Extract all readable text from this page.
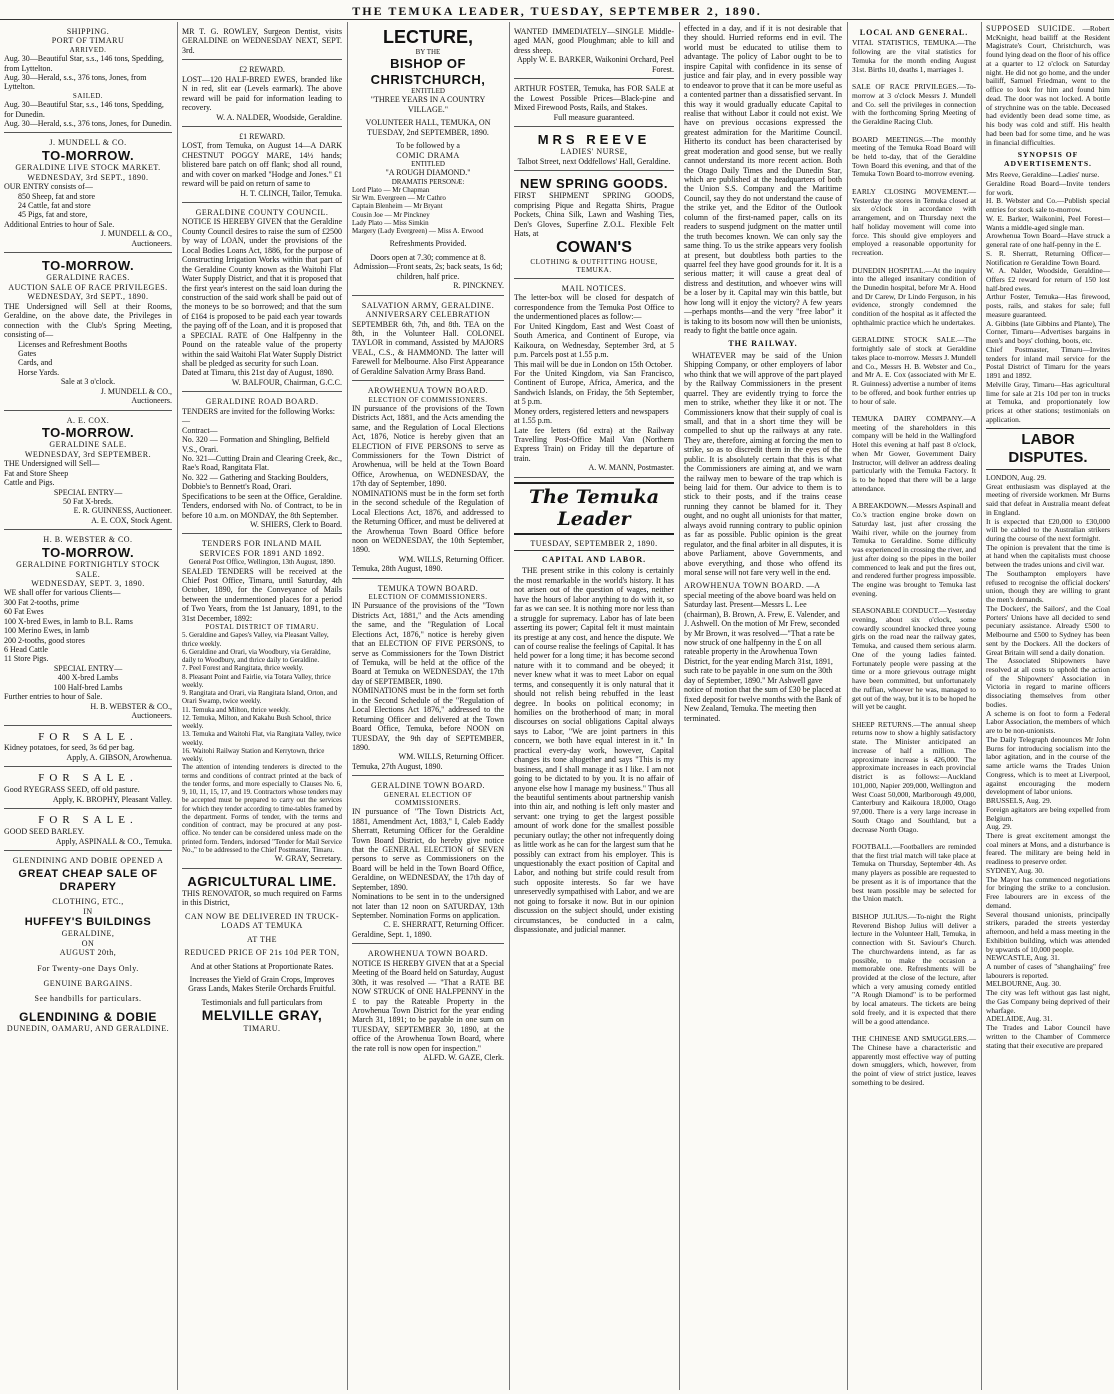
THE TEMUKA LEADER, TUESDAY, SEPTEMBER 2, 1890.
SHIPPING.
PORT OF TIMARU
ARRIVED.
Aug. 30—Beautiful Star, s.s., 146 tons, Spedding, from Lyttelton.
Aug. 30—Herald, s.s., 376 tons, Jones, from Lyttelton.
SAILED.
Aug. 30—Beautiful Star, s.s., 146 tons, Spedding, for Dunedin.
Aug. 30—Herald, s.s., 376 tons, Jones, for Dunedin.
J. MUNDELL & CO.
TO-MORROW.
GERALDINE LIVE STOCK MARKET.
WEDNESDAY, 3rd SEPT., 1890.
OUR ENTRY consists of—
850 Sheep, fat and store
24 Cattle, fat and store
45 Pigs, fat and store,
Additional Entries to hour of Sale.
J. MUNDELL & CO.,
Auctioneers.
TO-MORROW.
GERALDINE RACES.
AUCTION SALE OF RACE PRIVILEGES.
WEDNESDAY, 3rd SEPT., 1890.
THE Undersigned will Sell at their Rooms, Geraldine, on the above date, the Privileges in connection with the Club's Spring Meeting, consisting of—
Licenses and Refreshment Booths
Gates
Cards, and
Horse Yards.
Sale at 3 o'clock.
J. MUNDELL & CO.,
Auctioneers.
A. E. COX.
TO-MORROW.
GERALDINE SALE.
WEDNESDAY, 3rd SEPTEMBER.
THE Undersigned will Sell—
Fat and Store Sheep
Cattle and Pigs.
SPECIAL ENTRY—
50 Fat X-breds.
E. R. GUINNESS, Auctioneer.
A. E. COX, Stock Agent.
H. B. WEBSTER & CO.
TO-MORROW.
GERALDINE FORTNIGHTLY STOCK SALE.
WEDNESDAY, SEPT. 3, 1890.
WE shall offer for various Clients—
300 Fat 2-tooths, prime
60 Fat Ewes
100 X-bred Ewes, in lamb to B.L. Rams
100 Merino Ewes, in lamb
200 2-tooths, good stores
6 Head Cattle
11 Store Pigs.
SPECIAL ENTRY—
400 X-bred Lambs
100 Half-bred Lambs
Further entries to hour of Sale.
H. B. WEBSTER & CO.,
Auctioneers.
FOR SALE.
Kidney potatoes, for seed, 3s 6d per bag.
Apply, A. GIBSON, Arowhenua.
FOR SALE.
Good RYEGRASS SEED, off old pasture.
Apply, K. BROPHY, Pleasant Valley.
FOR SALE.
GOOD SEED BARLEY.
Apply, ASPINALL & CO., Temuka.
GLENDINING AND DOBIE OPENED A
GREAT CHEAP SALE OF DRAPERY
CLOTHING, ETC.,
IN
HUFFEY'S BUILDINGS
GERALDINE,
ON
AUGUST 20th,
For Twenty-one Days Only.
GENUINE BARGAINS.
See handbills for particulars.
GLENDINING & DOBIE
DUNEDIN, OAMARU, AND GERALDINE.
MR T. G. ROWLEY, Surgeon Dentist, visits GERALDINE on WEDNESDAY NEXT, SEPT. 3rd.
£2 REWARD.
LOST—120 HALF-BRED EWES, branded like N in red, slit ear (Levels earmark). The above reward will be paid for information leading to recovery.
W. A. NALDER, Woodside, Geraldine.
£1 REWARD.
LOST, from Temuka, on August 14—A DARK CHESTNUT POGGY MARE, 14½ hands; blistered bare patch on off flank; shod all round, and with cover on marked "Hodge and Jones." £1 reward will be paid on return of same to
H. T. CLINCH, Tailor, Temuka.
GERALDINE COUNTY COUNCIL.
NOTICE IS HEREBY GIVEN that the Geraldine County Council desires to raise the sum of £2500 by way of LOAN, under the provisions of the Local Bodies Loans Act, 1886, for the purpose of Constructing Irrigation Works within that part of the Geraldine County known as the Waitohi Flat Water Supply District, and that it is proposed that the first year's interest on the said loan during the construction of the said work shall be paid out of the moneys to be so borrowed; and that the sum of £164 is proposed to be paid each year towards the paying off of the Loan, and it is proposed that a SPECIAL RATE of One Halfpenny in the Pound on the rateable value of the property within the said Waitohi Flat Water Supply District shall be pledged as security for such Loan.
Dated at Timaru, this 21st day of August, 1890.
W. BALFOUR, Chairman, G.C.C.
GERALDINE ROAD BOARD.
TENDERS are invited for the following Works:—
Contract—
No. 320 — Formation and Shingling, Belfield V.S., Orari.
No. 321—Cutting Drain and Clearing Creek, &c., Rae's Road, Rangitata Flat.
No. 322 — Gathering and Stacking Boulders, Dobbie's to Bennett's Road, Orari.
Specifications to be seen at the Office, Geraldine. Tenders, endorsed with No. of Contract, to be in before 10 a.m. on MONDAY, the 8th September.
W. SHIERS, Clerk to Board.
TENDERS FOR INLAND MAIL SERVICES FOR 1891 AND 1892.
General Post Office, Wellington, 13th August, 1890.
SEALED TENDERS will be received at the Chief Post Office, Timaru, until Saturday, 4th October, 1890, for the Conveyance of Mails between the undermentioned places for a period of Two Years, from the 1st January, 1891, to the 31st December, 1892:
POSTAL DISTRICT OF TIMARU.
5. Geraldine and Gapes's Valley, via Pleasant Valley, thrice weekly.
6. Geraldine and Orari, via Woodbury, via Geraldine, daily to Woodbury, and thrice daily to Geraldine.
7. Peel Forest and Rangitata, thrice weekly.
8. Pleasant Point and Fairlie, via Totara Valley, thrice weekly.
9. Rangitata and Orari, via Rangitata Island, Orton, and Orari Swamp, twice weekly.
11. Temuka and Milton, thrice weekly.
12. Temuka, Milton, and Kakahu Bush School, thrice weekly.
13. Temuka and Waitohi Flat, via Rangitata Valley, twice weekly.
16. Waitohi Railway Station and Kerrytown, thrice weekly.
The attention of intending tenderers is directed to the terms and conditions of contract printed at the back of the tender forms, and more especially to Clauses No. 6, 9, 10, 11, 15, 17, and 19. Contractors whose tenders may be accepted must be prepared to carry out the services for which they tender according to time-tables framed by the department. Forms of tender, with the terms and condition of contract, may be procured at any post-office. No tender can be considered unless made on the printed form. Tenders, indorsed "Tender for Mail Service No.," to be addressed to the Chief Postmaster, Timaru.
W. GRAY, Secretary.
AGRICULTURAL LIME.
THIS RENOVATOR, so much required on Farms in this District,
CAN NOW BE DELIVERED IN TRUCK-LOADS AT TEMUKA
AT THE
REDUCED PRICE OF 21s 10d PER TON,
And at other Stations at Proportionate Rates.
Increases the Yield of Grain Crops, Improves Grass Lands, Makes Sterile Orchards Fruitful.
Testimonials and full particulars from
MELVILLE GRAY,
TIMARU.
LECTURE,
BY THE
BISHOP OF CHRISTCHURCH,
ENTITLED
"THREE YEARS IN A COUNTRY VILLAGE."
VOLUNTEER HALL, TEMUKA, ON TUESDAY, 2nd SEPTEMBER, 1890.
To be followed by a
COMIC DRAMA
ENTITLED
"A ROUGH DIAMOND."
DRAMATIS PERSONÆ:
Lord Plato — Mr Chapman
Sir Wm. Evergreen — Mr Cathro
Captain Blenheim — Mr Bryant
Cousin Joe — Mr Pinckney
Lady Plato — Miss Simkin
Margery (Lady Evergreen) — Miss A. Erwood
Refreshments Provided.
Doors open at 7.30; commence at 8.
Admission—Front seats, 2s; back seats, 1s 6d; children, half price.
R. PINCKNEY.
SALVATION ARMY, GERALDINE.
ANNIVERSARY CELEBRATION
SEPTEMBER 6th, 7th, and 8th. TEA on the 8th, in the Volunteer Hall. COLONEL TAYLOR in command, Assisted by MAJORS VEAL, C.S., & HAMMOND. The latter will Farewell for Melbourne. Also First Appearance of Geraldine Salvation Army Brass Band.
AROWHENUA TOWN BOARD.
ELECTION OF COMMISSIONERS.
IN pursuance of the provisions of the Town Districts Act, 1881, and the Acts amending the same, and the Regulation of Local Elections Act, 1876, Notice is hereby given that an ELECTION of FIVE PERSONS to serve as Commissioners for the Town District of Arowhenua, will be held at the Town Board Office, Arowhenua, on WEDNESDAY, the 17th day of September, 1890.
NOMINATIONS must be in the form set forth in the second schedule of the Regulation of Local Elections Act, 1876, and addressed to the Returning Officer, and must be delivered at the Arowhenua Town Board Office before noon on WEDNESDAY, the 10th September, 1890.
WM. WILLS, Returning Officer.
Temuka, 28th August, 1890.
TEMUKA TOWN BOARD.
ELECTION OF COMMISSIONERS.
IN Pursuance of the provisions of the "Town Districts Act, 1881," and the Acts amending the same, and the "Regulation of Local Elections Act, 1876," notice is hereby given that an ELECTION OF FIVE PERSONS, to serve as Commissioners for the Town District of Temuka, will be held at the office of the Board at Temuka on WEDNESDAY, the 17th day of SEPTEMBER, 1890.
NOMINATIONS must be in the form set forth in the Second Schedule of the "Regulation of Local Elections Act 1876," addressed to the Returning Officer and delivered at the Town Board Office, Temuka, before NOON on TUESDAY, the 9th day of SEPTEMBER, 1890.
WM. WILLS, Returning Officer.
Temuka, 27th August, 1890.
GERALDINE TOWN BOARD.
GENERAL ELECTION OF COMMISSIONERS.
IN pursuance of "The Town Districts Act, 1881, Amendment Act, 1883," I, Caleb Eaddy Sherratt, Returning Officer for the Geraldine Town Board District, do hereby give notice that the GENERAL ELECTION of SEVEN persons to serve as Commissioners on the Board will be held in the Town Board Office, Geraldine, on WEDNESDAY, the 17th day of September, 1890.
Nominations to be sent in to the undersigned not later than 12 noon on SATURDAY, 13th September. Nomination Forms on application.
C. E. SHERRATT, Returning Officer.
Geraldine, Sept. 1, 1890.
AROWHENUA TOWN BOARD.
NOTICE IS HEREBY GIVEN that at a Special Meeting of the Board held on Saturday, August 30th, it was resolved — "That a RATE BE NOW STRUCK of ONE HALFPENNY in the £ to pay the Rateable Property in the Arowhenua Town District for the year ending March 31, 1891; to be payable in one sum on TUESDAY, SEPTEMBER 30, 1890, at the office of the Arowhenua Town Board, where the rate roll is now open for inspection."
ALFD. W. GAZE, Clerk.
WANTED IMMEDIATELY—SINGLE Middle-aged MAN, good Ploughman; able to kill and dress sheep.
Apply W. E. BARKER, Waikonini Orchard, Peel Forest.
ARTHUR FOSTER, Temuka, has FOR SALE at the Lowest Possible Prices—Black-pine and Mixed Firewood Posts, Rails, and Stakes.
Full measure guaranteed.
MRS REEVE
LADIES' NURSE,
Talbot Street, next Oddfellows' Hall, Geraldine.
NEW SPRING GOODS.
FIRST SHIPMENT SPRING GOODS, comprising Pique and Regatta Shirts, Prague Pockets, China Silk, Lawn and Washing Ties, Den's Gloves, Superfine Z.O.L. Flexible Felt Hats, at
COWAN'S
CLOTHING & OUTFITTING HOUSE, TEMUKA.
MAIL NOTICES.
The letter-box will be closed for despatch of correspondence from the Temuka Post Office to the undermentioned places as follow:—
For United Kingdom, East and West Coast of South America, and Continent of Europe, via Kaikoura, on Wednesday, September 3rd, at 5 p.m. Parcels post at 1.55 p.m.
This mail will be due in London on 15th October.
For the United Kingdom, via San Francisco, Continent of Europe, Africa, America, and the Sandwich Islands, on Friday, the 5th September, at 5 p.m.
Money orders, registered letters and newspapers at 1.55 p.m.
Late fee letters (6d extra) at the Railway Travelling Post-Office Mail Van (Northern Express Train) on Friday till the departure of train.
A. W. MANN, Postmaster.
The Temuka Leader
TUESDAY, SEPTEMBER 2, 1890.
CAPITAL AND LABOR.
THE present strike in this colony is certainly the most remarkable in the world's history. It has not arisen out of the question of wages, neither have the hours of labor anything to do with it, so far as we can see. It is nothing more nor less than a struggle for supremacy. Labor has of late been asserting its power; Capital felt it must maintain its prestige at any cost, and hence the dispute. We can of course realise the feelings of Capital. It has held power for a long time; it has become second nature with it to command and be obeyed; it never knew what it was to meet Labor on equal terms, and consequently it is only natural that it should not relish being rebuffed in the least degree. In books on political economy; in homilies on the brotherhood of man; in moral discourses on social obligations Capital always says to Labor, "We are joint partners in this concern, we both have equal interest in it." In practical every-day work, however, Capital changes its tone altogether and says "This is my business, and I shall manage it as I like. I am not going to be dictated to by you. It is no affair of anyone else how I manage my business." Thus all the beautiful sentiments about partnership vanish into thin air, and nothing is left only master and servant: one trying to get the largest possible amount of work done for the smallest possible pecuniary outlay; the other not infrequently doing as little work as he can for the largest sum that he possibly can extract from his employer. This is unquestionably the exact position of Capital and Labor, and nothing but strife could result from such opposite interests. So far we have unreservedly sympathised with Labor, and we are not going to forsake it now. But in our opinion discussion on the subject should, under existing circumstances, be conducted in a calm, dispassionate, and judicial manner.
effected in a day, and if it is not desirable that they should. Hurried reforms end in evil. The world must be educated to utilise them to advantage. The policy of Labor ought to be to inspire Capital with confidence in its sense of justice and fair play, and in every possible way to endeavor to prove that it can be more useful as a contented partner than a dissatisfied servant. In this way it would gradually educate Capital to realise that without Labor it could not exist. We have on previous occasions expressed the greatest admiration for the Maritime Council. Hitherto its conduct has been characterised by great moderation and good sense, but we really cannot understand its more recent action. Both the Otago Daily Times and the Dunedin Star, which are published at the headquarters of both the Union S.S. Company and the Maritime Council, say they do not understand the cause of the strike yet, and the Editor of the Outlook column of the first-named paper, calls on its readers to suspend judgment on the matter until the truth becomes known. We can only say the same thing. To us the strike appears very foolish at present, but doubtless both parties to the quarrel feel they have good grounds for it. It is a serious matter; it will cause a great deal of distress and destitution, and whoever wins will be a loser by it. Capital may win this battle, but how long will it enjoy the victory? A few years—perhaps months—and the very "free labor" it is taking to its bosom now will then be unionists, ready to fight the battle once again.
THE RAILWAY.
WHATEVER may be said of the Union Shipping Company, or other employers of labor who think that we will approve of the part played by the Railway Commissioners in the present quarrel. They are evidently trying to force the men to strike, whether they like it or not. The Commissioners know that their supply of coal is small, and that in a short time they will be compelled to shut up the railways at any rate. They are, therefore, aiming at forcing the men to strike, so as to discredit them in the eyes of the public. It is absolutely certain that this is what the Commissioners are aiming at, and we warn the railway men to beware of the trap which is being laid for them. Our advice to them is to stick to their posts, and if the trains cease running they cannot be blamed for it. They ought, and no ought all unionists for that matter, always avoid running contrary to public opinion as far as possible. Public opinion is the great regulator, and the final arbiter in all disputes, it is above Parliament, above Governments, and above everything, and those who offend its moral sense will not fare very well in the end.
AROWHENUA TOWN BOARD. —A special meeting of the above board was held on Saturday last. Present—Messrs L. Lee (chairman), B. Brown, A. Frew, E. Valender, and J. Ashwell. On the motion of Mr Frew, seconded by Mr Brown, it was resolved—"That a rate be now struck of one halfpenny in the £ on all rateable property in the Arowhenua Town District, for the year ending March 31st, 1891, such rate to be payable in one sum on the 30th day of September, 1890." Mr Ashwell gave notice of motion that the sum of £30 be placed at fixed deposit for twelve months with the Bank of New Zealand, Temuka. The meeting then terminated.
LOCAL AND GENERAL.
VITAL STATISTICS, TEMUKA.—The following are the vital statistics for Temuka for the month ending August 31st. Births 10, deaths 1, marriages 1.

SALE OF RACE PRIVILEGES.—To-morrow at 3 o'clock Messrs J. Mundell and Co. sell the privileges in connection with the forthcoming Spring Meeting of the Geraldine Racing Club.

BOARD MEETINGS.—The monthly meeting of the Temuka Road Board will be held to-day, that of the Geraldine Town Board this evening, and that of the Temuka Town Board to-morrow evening.

EARLY CLOSING MOVEMENT.—Yesterday the stores in Temuka closed at six o'clock in accordance with arrangement, and on Thursday next the half holiday movement will come into force. This should give employers and employed a reasonable opportunity for recreation.

DUNEDIN HOSPITAL.—At the inquiry into the alleged insanitary condition of the Dunedin hospital, before Mr A. Hood and Dr Carew, Dr Lindo Ferguson, in his evidence, strongly condemned the condition of the hospital as it affected the ophthalmic practice which he undertakes.

GERALDINE STOCK SALE.—The fortnightly sale of stock at Geraldine takes place to-morrow. Messrs J. Mundell and Co., Messrs H. B. Webster and Co., and Mr A. E. Cox (associated with Mr E. R. Guinness) advertise a number of items to be offered, and book further entries up to hour of sale.

TEMUKA DAIRY COMPANY.—A meeting of the shareholders in this company will be held in the Wallingford Hotel this evening at half past 8 o'clock, when Mr Gower, Government Dairy Instructor, will deliver an address dealing particularly with the Temuka Factory. It is to be hoped that there will be a large attendance.

A BREAKDOWN.—Messrs Aspinall and Co.'s traction engine broke down on Saturday last, just after crossing the Waihi river, while on the journey from Temuka to Geraldine. Some difficulty was experienced in crossing the river, and just after doing so the pipes in the boiler commenced to leak and put the fires out, and rendered further progress impossible. The engine was brought to Temuka last evening.

SEASONABLE CONDUCT.—Yesterday evening, about six o'clock, some cowardly scoundrel knocked three young girls on the road near the railway gates, Temuka, and caused them serious alarm. One of the young ladies fainted. Fortunately people were passing at the time or a more grievous outrage might have been committed, but unfortunately the ruffian, whoever he was, managed to get out of the way, but it is to be hoped he will yet be caught.

SHEEP RETURNS.—The annual sheep returns now to show a highly satisfactory state. The Minister anticipated an increase of half a million. The approximate increase is 426,000. The approximate increases in each provincial district is as follows:—Auckland 101,000, Napier 209,000, Wellington and West Coast 50,000, Marlborough 49,000, Canterbury and Kaikoura 18,000, Otago 97,000. There is a very large increase in South Otago and Southland, but a decrease North Otago.

FOOTBALL.—Footballers are reminded that the first trial match will take place at Temuka on Thursday, September 4th. As many players as possible are requested to be present as it is of importance that the best team possible may be selected for the Union match.

BISHOP JULIUS.—To-night the Right Reverend Bishop Julius will deliver a lecture in the Volunteer Hall, Temuka, in connection with St. Saviour's Church. The churchwardens intend, as far as possible, to make the occasion a memorable one. Refreshments will be provided at the close of the lecture, after which a very amusing comedy entitled "A Rough Diamond" is to be performed by local amateurs. The tickets are being sold freely, and it is expected that there will be a good attendance.

THE CHINESE AND SMUGGLERS.—The Chinese have a characteristic and apparently most effective way of putting down smugglers, which, however, from the point of view of strict justice, leaves something to be desired.
SUPPOSED SUICIDE. —Robert McKnight, head bailiff at the Resident Magistrate's Court, Christchurch, was found lying dead on the floor of his office at a quarter to 12 o'clock on Saturday night. He did not go home, and the under bailiff, Samuel Friedman, went to the office to look for him and found him dead. The door was not locked. A bottle of strychnine was on the table. Deceased had evidently been dead some time, as his body was cold and stiff. His health had been bad for some time, and he was in financial difficulties.
SYNOPSIS OF ADVERTISEMENTS.
Mrs Reeve, Geraldine—Ladies' nurse.
Geraldine Road Board—Invite tenders for work.
H. B. Webster and Co.—Publish special entries for stock sale to-morrow.
W. E. Barker, Waikonini, Peel Forest—Wants a middle-aged single man.
Arowhenua Town Board—Have struck a general rate of one half-penny in the £.
S. R. Sherratt, Returning Officer—Notification re Geraldine Town Board.
W. A. Nalder, Woodside, Geraldine—Offers £2 reward for return of 150 lost half-bred ewes.
Arthur Foster, Temuka—Has firewood, posts, rails, and stakes for sale; full measure guaranteed.
A. Gibbins (late Gibbins and Plante), The Corner, Timaru—Advertises bargains in men's and boys' clothing, boots, etc.
Chief Postmaster, Timaru—Invites tenders for inland mail service for the Postal District of Timaru for the years 1891 and 1892.
Melville Gray, Timaru—Has agricultural lime for sale at 21s 10d per ton in trucks at Temuka, and proportionately low prices at other stations; testimonials on application.
LABOR DISPUTES.
LONDON, Aug. 29.
Great enthusiasm was displayed at the meeting of riverside workmen. Mr Burns said that defeat in Australia meant defeat in England.
It is expected that £20,000 to £30,000 will be cabled to the Australian strikers during the course of the next fortnight.
The opinion is prevalent that the time is at hand when the capitalists must choose between the trades unions and civil war.
The Southampton employers have refused to recognise the official dockers' union, though they are willing to grant the men's demands.
The Dockers', the Sailors', and the Coal Porters' Unions have all decided to send pecuniary assistance. Already £500 to Melbourne and £500 to Sydney has been sent by the Dockers. All the dockers of Great Britain will send a daily donation.
The Associated Shipowners have resolved at all costs to uphold the action of the Shipowners' Association in Victoria in regard to marine officers dissociating themselves from other bodies.
A scheme is on foot to form a Federal Labor Association, the members of which are to be non-unionists.
The Daily Telegraph denounces Mr John Burns for introducing socialism into the labor agitation, and in the course of the same article warns the Trades Union Congress, which is to meet at Liverpool, against encouraging the modern development of labor unions.
BRUSSELS, Aug. 29.
Foreign agitators are being expelled from Belgium.
Aug. 29.
There is great excitement amongst the coal miners at Mons, and a disturbance is feared. The military are being held in readiness to preserve order.
SYDNEY, Aug. 30.
The Mayor has commenced negotiations for bringing the strike to a conclusion. Free labourers are in excess of the demand.
Several thousand unionists, principally strikers, paraded the streets yesterday afternoon, and held a mass meeting in the Exhibition building, which was attended by upwards of 10,000 people.
NEWCASTLE, Aug. 31.
A number of cases of "shanghaiing" free labourers is reported.
MELBOURNE, Aug. 30.
The city was left without gas last night, the Gas Company being deprived of their wharfage.
ADELAIDE, Aug. 31.
The Trades and Labor Council have written to the Chamber of Commerce stating that their executive are prepared
